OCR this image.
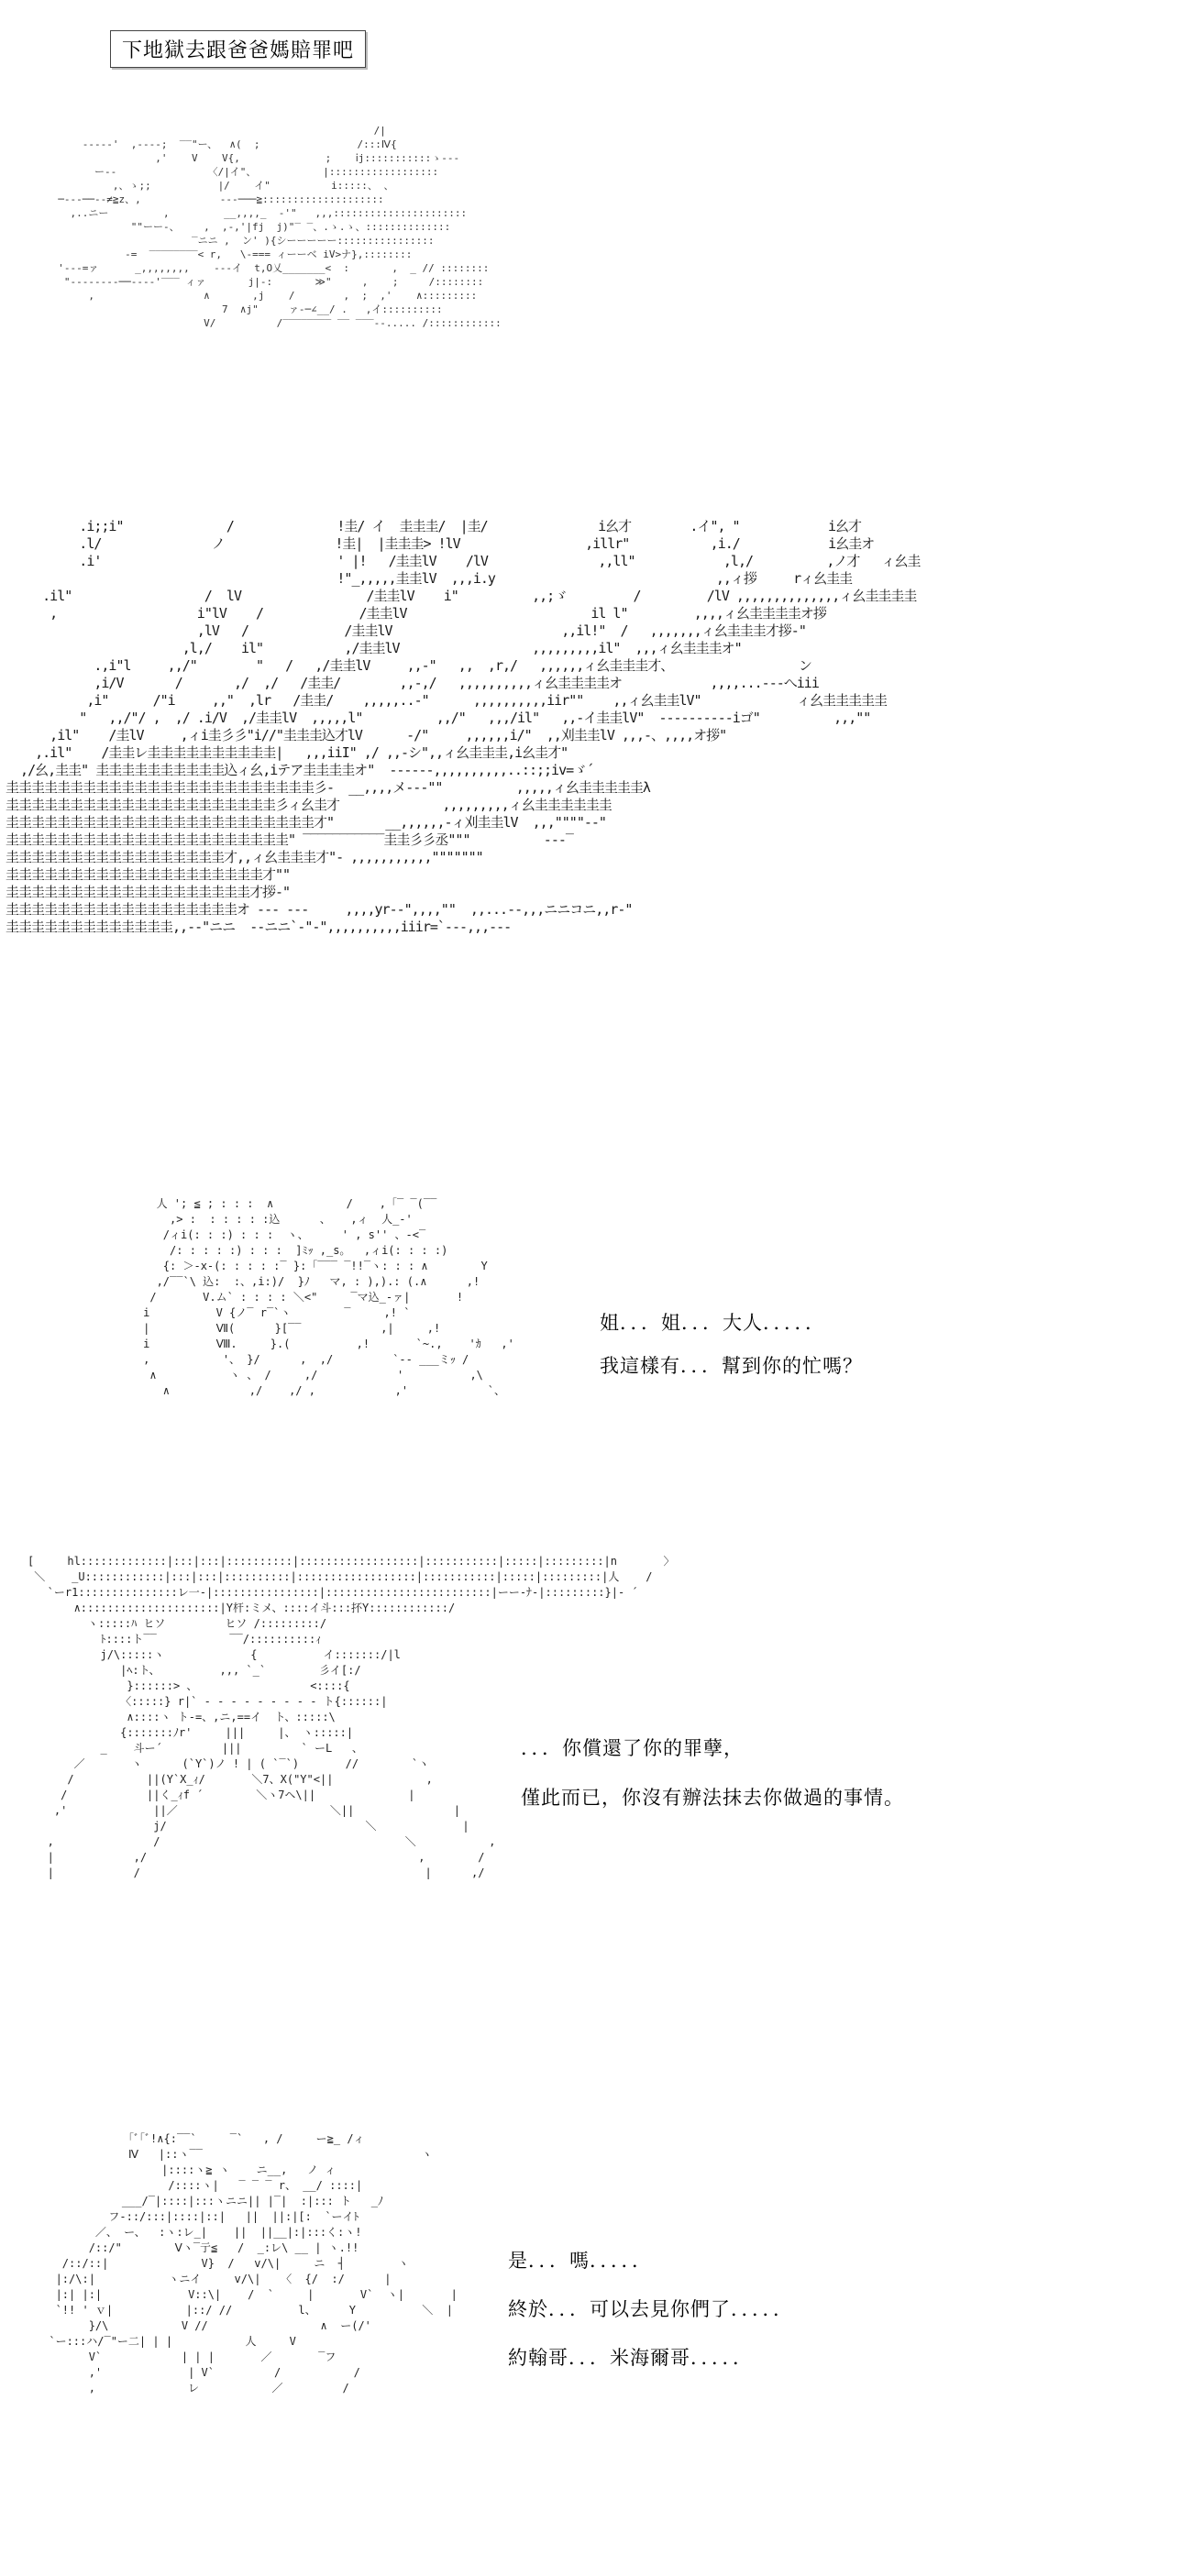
下地獄去跟爸爸媽賠罪吧
/|
-----'  ,----;  ‾‾"ー、  ∧(  ;                /:::Ⅳ{
,'    V    V{,              ;    ⅰj:::::::::::ゝ---
ー--               〈/|イ"、           |::::::::::::::::::
,、ゝ;;           |/    イ"          i:::::、 、
─-‐-──‐-≠≧z、,             ‐‐‐───≧::::::::::::::::::::
,..ニー         ,         __,,,,_  ‐'"   ,,,::::::::::::::::::::::
""ーー‐、    ,  ,-,'|fj  j)"‾ ‾、.ゝ.ゝ、::::::::::::::
‾ニニ ,  ン' ){シーーーーー::::::::::::::::
-=  ‾‾‾‾‾‾‾‾< r,   \-=== ィーーベ iV>ナ},::::::::
'‐‐‐=ァ      _,,,,,,,,    ---イ  t,O乂_______<  :       ,  _ // ::::::::
"‐‐‐‐‐‐‐‐──‐-‐‐'‾‾‾ ィァ       j|‐:       ≫"     ,    ;     /::::::::
,                  ∧       ,j    /        ,  ;  ,'    ∧:::::::::
7  ∧j"     ァ‐─∠__/ .   ,イ::::::::::
V/          /‾‾‾‾‾‾‾‾ ‾‾ ‾‾‾‐-..... /::::::::::::
.i;;i"              /              !圭/ イ  圭圭圭/  |圭/               i幺才        .イ", "            i幺才
.l/               ノ               !圭|  |圭圭圭> !lV                 ,illr"           ,i./            i幺圭オ
.i'                                ' |!   /圭圭lV    /lV               ,,ll"            ,l,/          ,ノ才   ィ幺圭
!"_,,,,,圭圭lV  ,,,i.y                              ,,ィ拶     rィ幺圭圭
.il"                  /  lV                 /圭圭lV    i"          ,,;ゞ         /         /lV ,,,,,,,,,,,,,,ィ幺圭圭圭圭
,                   i"lV    /             /圭圭lV                         il l"         ,,,,ィ幺圭圭圭圭オ拶
,lV   /             /圭圭lV                       ,,il!"  /   ,,,,,,,ィ幺圭圭圭才拶‐"
,l,/    il"           ,/圭圭lV                  ,,,,,,,,,il"  ,,,ィ幺圭圭圭オ"
.,i"l     ,,/"        "   /   ,/圭圭lV     ,,-"   ,,  ,r,/   ,,,,,,ィ幺圭圭圭才、                 ン
,i/V       /       ,/  ,/   /圭圭/        ,,-,/   ,,,,,,,,,,ィ幺圭圭圭圭オ            ,,,,...--‐へiii
,i"      /"i     ,,"  ,lr   /圭圭/    ,,,,,..-"      ,,,,,,,,,,iir""    ,,ィ幺圭圭lV"             ィ幺圭圭圭圭圭
"   ,,/"/ ,  ,/ .i/V  ,/圭圭lV  ,,,,,l"          ,,/"   ,,,/il"   ,,-イ圭圭lV"  ‐‐‐‐‐‐‐‐‐‐iゴ"          ,,,""
,il"    /圭lV     ,ィi圭彡彡"i//"圭圭圭込才lV      -/"     ,,,,,,i/"  ,,刈圭圭lV ,,,-、,,,,オ拶"
,.il"    /圭圭レ圭圭圭圭圭圭圭圭圭圭|   ,,,iiI" ,/ ,,‐シ",,ィ幺圭圭圭,i幺圭才"
,/幺,圭圭" 圭圭圭圭圭圭圭圭圭圭込ィ幺,iテア圭圭圭圭オ"  ‐‐‐‐‐‐,,,,,,,,,,..::;;iv=ゞ´
圭圭圭圭圭圭圭圭圭圭圭圭圭圭圭圭圭圭圭圭圭圭圭圭彡‐  __,,,,メ‐-‐""          ,,,,,ィ幺圭圭圭圭圭λ
圭圭圭圭圭圭圭圭圭圭圭圭圭圭圭圭圭圭圭圭圭彡ィ幺圭才              ,,,,,,,,,ィ幺圭圭圭圭圭圭
圭圭圭圭圭圭圭圭圭圭圭圭圭圭圭圭圭圭圭圭圭圭圭圭才"       __,,,,,,-ィ刈圭圭lV  ,,,""""‐‐"
圭圭圭圭圭圭圭圭圭圭圭圭圭圭圭圭圭圭圭圭圭圭" ‾‾‾‾‾‾‾‾‾‾‾圭圭彡彡丞"""          ‐‐‐‾
圭圭圭圭圭圭圭圭圭圭圭圭圭圭圭圭圭才,,ィ幺圭圭圭才"‐ ,,,,,,,,,,,"""""""
圭圭圭圭圭圭圭圭圭圭圭圭圭圭圭圭圭圭圭圭才""
圭圭圭圭圭圭圭圭圭圭圭圭圭圭圭圭圭圭圭才拶‐"
圭圭圭圭圭圭圭圭圭圭圭圭圭圭圭圭圭圭オ ‐‐‐ ‐‐‐     ,,,,yr-‐",,,,""  ,,...--,,,ニニコニ,,r‐"
圭圭圭圭圭圭圭圭圭圭圭圭圭,,--"ニニ  ‐‐ニニ`‐"‐",,,,,,,,,,iiir=`‐‐‐,,,‐-‐
人 '; ≦ ; : : :  ∧           /    ,「‾ ‾(‾‾
,> :  : : : : :込      、   ,ィ  人_‐'
/ィi(: : :) : : :  ヽ、     ' , s'' 、‐<‾
/: : : : :) : : :  ]ﾐｯ ,_s。  ,ィi(: : : :)
{: ＞-x-(: : : : :‾ }:「‾‾‾ ‾!!‾ヽ: : : ∧        Y
,/‾‾`\ 込:  :、,i:)/  }ﾉ   マ, : ),).: (.∧      ,!
/       V.ム` : : : : ＼<"     ‾マ込_‐ァ|       !
i          V {ノ‾ r‾`ヽ        ‾     ,! `
|          Ⅶ(      }[‾‾            ,|     ,!
i          Ⅷ.     }.(          ,!       `~.,    'ｶ   ,'
,           '、 }/      ,  ,/         `‐- ___ミｯ /
∧           ヽ 、 /     ,/            '          ,\
∧            ,/    ,/ ,            ,'            `、
姐．．．姐．．．大人．．．．．
我這樣有．．．幫到你的忙嗎？
[     hl:::::::::::::|:::|:::|::::::::::|::::::::::::::::::|:::::::::::|:::::|:::::::::|n       〉
＼    _U::::::::::::|:::|:::|::::::::::|::::::::::::::::::|:::::::::::|:::::|:::::::::|人    /
`ーr1:::::::::::::::レ一‐|::::::::::::::::|:::::::::::::::::::::::::|ーー‐ﾅ‐|:::::::::}|- ´
∧:::::::::::::::::::::|Y杆:ミメ、::::イ斗:::抔Y::::::::::::/
ヽ:::::ﾊ ヒソ         ヒソ /:::::::::/
ﾄ::::ト‾‾           ‾‾/::::::::::ｨ
j/\:::::ヽ             {          イ:::::::/|l
|ﾍ:ト、         ,,, `_`        彡イ[:/
}::::::> 、                 <::::{
〈:::::} r|` ‐ ‐ ‐ ‐ ‐ ‐ ‐ ‐ ‐ ト{::::::|
∧::::ヽ ト-=、,ニ,==イ  ト、:::::\
{:::::::ﾉr'     |||     |、 ヽ:::::|
_    斗ー´         |||         ` ーL   、
／       ヽ      (`Y`)ノ ! | ( `‾`)       //        `ヽ
/           ||(Y`X_ｨ/       ＼7、X("Y"<||              ,
/            ||く_ｨf ´        ＼ヽ7ヘ\||              |
,'             ||／                       ＼||               |
j/                              ＼             |
,               /                                     ＼           ,
|            ,/                                         ,        /
|            /                                           |      ,/
．．．你償還了你的罪孽，
僅此而已，你沒有辦法抹去你做過的事情。
｢ﾞ｢ﾞ!∧{:‾‾`     ‾`   , /     ー≧_ /ィ
Ⅳ   |::ヽ‾‾                                 ヽ
|::::ヽ≧ ヽ    ニ__,   ノ ィ
/::::ヽ|   ‾ ‾ ‾ r、 __/ ::::|
___/‾|::::|:::ヽニニ|| |‾|  :|::: ト   _ﾉ
フ-::/:::|::::|::|   ||  ||:|[:  `ーイﾄ
／、 ー、  :ヽ:レ_|    ||  ||__|:|:::く:ヽ!
/::/"        Ⅴヽ‾亍≦   /  _:レ\ __ | ヽ.!!
/::/::|              V}  /   v/\|     ニ  ┤        ヽ
|:/\:|           ヽニイ     v/\|   〈  {/  :/      |
|:| |:|             V::\|    /  `     |       V`  ヽ|       |
`!! ' ｖ|           |::/ //          l、     Y          ＼  |
}/\           V //                 ∧  ー(/'
`ー:::ハ/‾"ー二| | |           人     V
V`            | | |       ／       ‾フ
,'             | V`         /           /
,              レ           ／         /
是．．．嗎．．．．．
終於．．．可以去見你們了．．．．．
約翰哥．．．米海爾哥．．．．．
